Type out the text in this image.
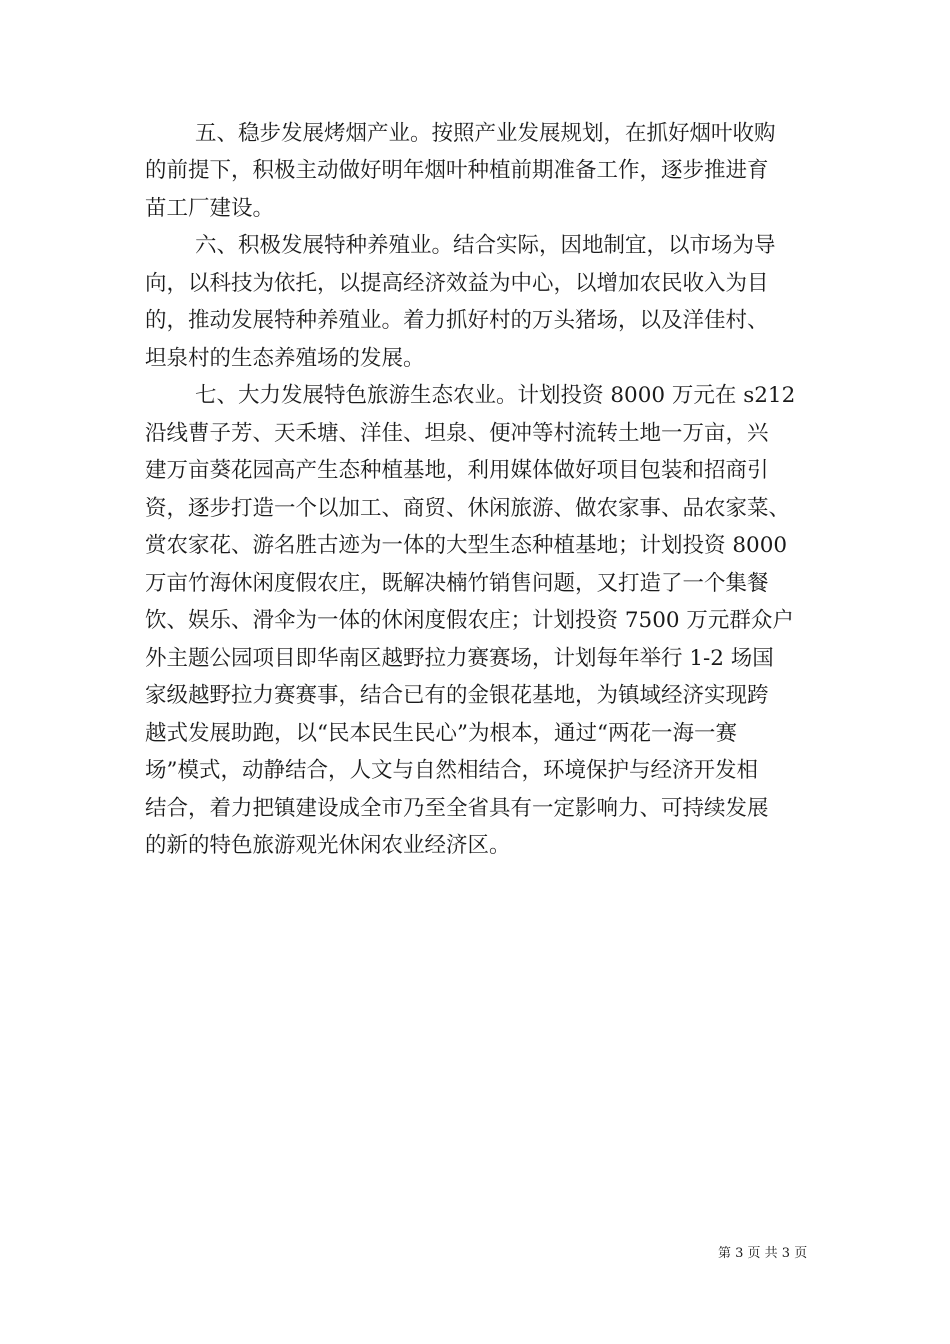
五、稳步发展烤烟产业。按照产业发展规划，在抓好烟叶收购
的前提下，积极主动做好明年烟叶种植前期准备工作，逐步推进育
苗工厂建设。
六、积极发展特种养殖业。结合实际，因地制宜，以市场为导
向，以科技为依托，以提高经济效益为中心，以增加农民收入为目
的，推动发展特种养殖业。着力抓好村的万头猪场，以及洋佳村、
坦泉村的生态养殖场的发展。
七、大力发展特色旅游生态农业。计划投资 8000 万元在 s212
沿线曹子芳、天禾塘、洋佳、坦泉、便冲等村流转土地一万亩，兴
建万亩葵花园高产生态种植基地，利用媒体做好项目包装和招商引
资，逐步打造一个以加工、商贸、休闲旅游、做农家事、品农家菜、
赏农家花、游名胜古迹为一体的大型生态种植基地；计划投资 8000
万亩竹海休闲度假农庄，既解决楠竹销售问题，又打造了一个集餐
饮、娱乐、滑伞为一体的休闲度假农庄；计划投资 7500 万元群众户
外主题公园项目即华南区越野拉力赛赛场，计划每年举行 1-2 场国
家级越野拉力赛赛事，结合已有的金银花基地，为镇域经济实现跨
越式发展助跑，以“民本民生民心”为根本，通过“两花一海一赛
场”模式，动静结合，人文与自然相结合，环境保护与经济开发相
结合，着力把镇建设成全市乃至全省具有一定影响力、可持续发展
的新的特色旅游观光休闲农业经济区。
第 3 页 共 3 页
